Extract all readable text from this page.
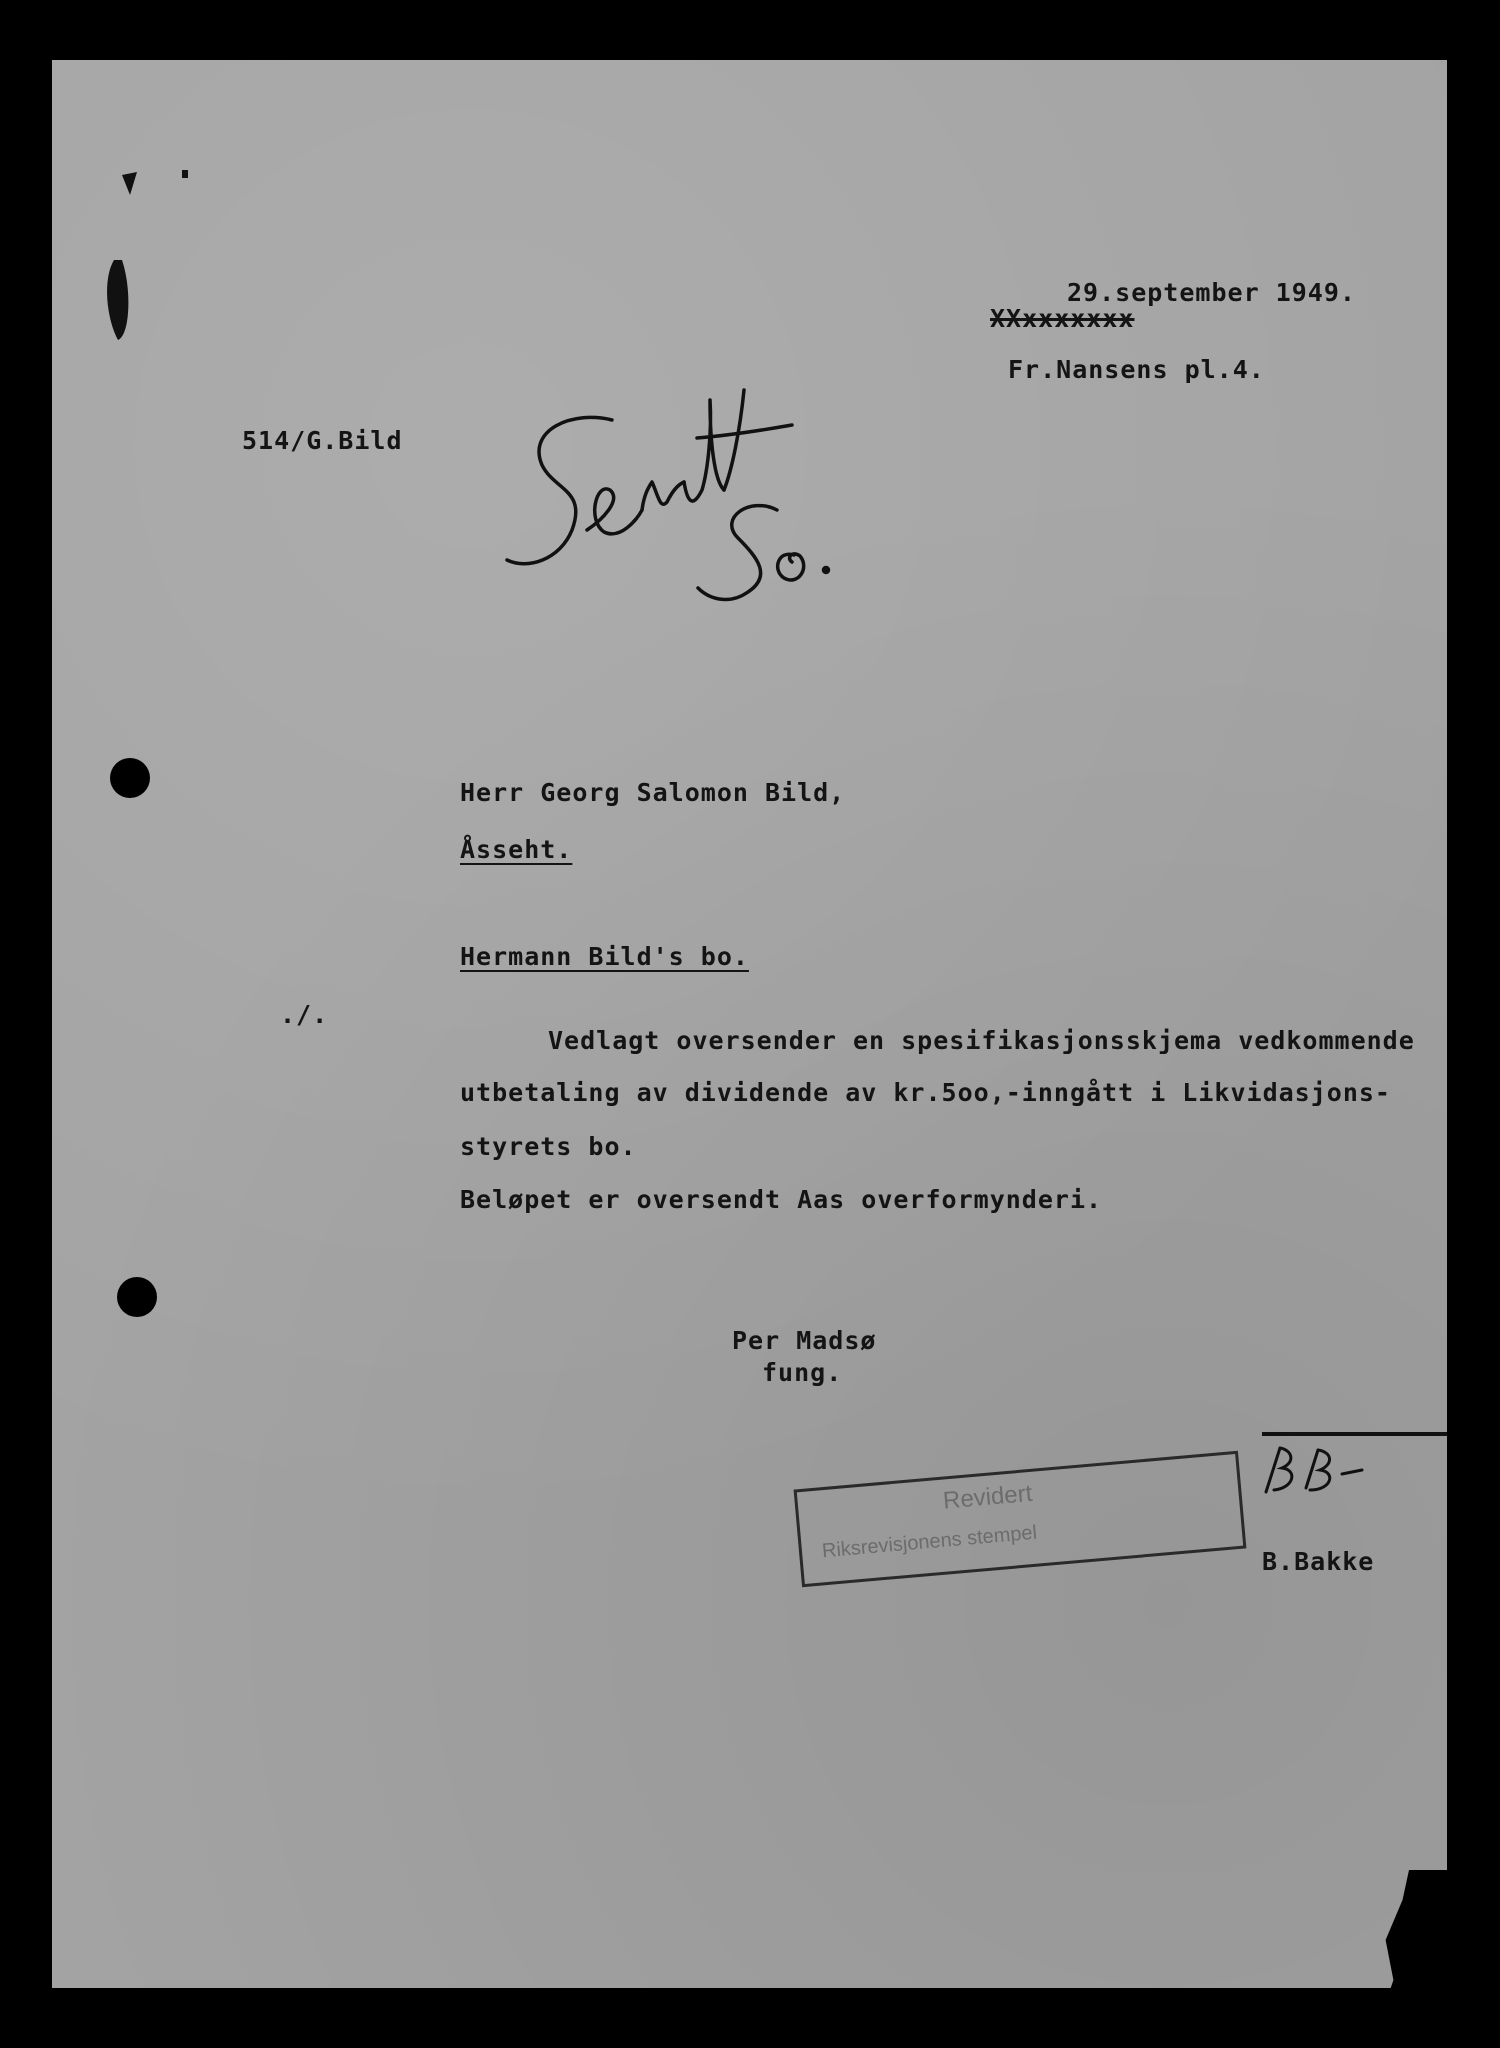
29.september 1949.
XXxxxxxxx
Fr.Nansens pl.4.
514/G.Bild
Herr Georg Salomon Bild,
Åsseht.
Hermann Bild's bo.
./.
Vedlagt oversender en spesifikasjonsskjema vedkommende
utbetaling av dividende av kr.5oo,-inngått i Likvidasjons-
styrets bo.
Beløpet er oversendt Aas overformynderi.
Per Madsø
fung.
Revidert
Riksrevisjonens stempel	B.Bakke
